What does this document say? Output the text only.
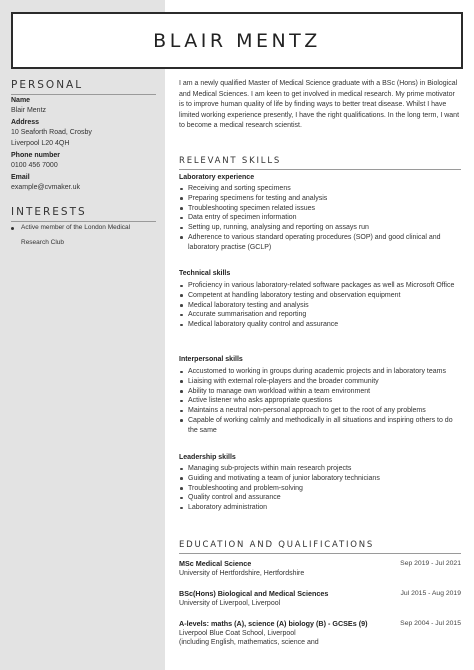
BLAIR MENTZ
PERSONAL
Name
Blair Mentz
Address
10 Seaforth Road, Crosby
Liverpool L20 4QH
Phone number
0100 456 7000
Email
example@cvmaker.uk
INTERESTS
Active member of the London Medical Research Club
I am a newly qualified Master of Medical Science graduate with a BSc (Hons) in Biological and Medical Sciences. I am keen to get involved in medical research. My prime motivator is to improve human quality of life by finding ways to better treat disease. Whilst I have limited working experience presently, I have the right qualifications. In the long term, I want to become a medical research scientist.
RELEVANT SKILLS
Laboratory experience
Receiving and sorting specimens
Preparing specimens for testing and analysis
Troubleshooting specimen related issues
Data entry of specimen information
Setting up, running, analysing and reporting on assays run
Adherence to various standard operating procedures (SOP) and good clinical and laboratory practise (GCLP)
Technical skills
Proficiency in various laboratory-related software packages as well as Microsoft Office
Competent at handling laboratory testing and observation equipment
Medical laboratory testing and analysis
Accurate summarisation and reporting
Medical laboratory quality control and assurance
Interpersonal skills
Accustomed to working in groups during academic projects and in laboratory teams
Liaising with external role-players and the broader community
Ability to manage own workload within a team environment
Active listener who asks appropriate questions
Maintains a neutral non-personal approach to get to the root of any problems
Capable of working calmly and methodically in all situations and inspiring others to do the same
Leadership skills
Managing sub-projects within main research projects
Guiding and motivating a team of junior laboratory technicians
Troubleshooting and problem-solving
Quality control and assurance
Laboratory administration
EDUCATION AND QUALIFICATIONS
MSc Medical Science	Sep 2019 - Jul 2021
University of Hertfordshire, Hertfordshire
BSc(Hons) Biological and Medical Sciences	Jul 2015 - Aug 2019
University of Liverpool, Liverpool
A-levels: maths (A), science (A) biology (B) - GCSEs (9)	Sep 2004 - Jul 2015
Liverpool Blue Coat School, Liverpool
(including English, mathematics, science and
